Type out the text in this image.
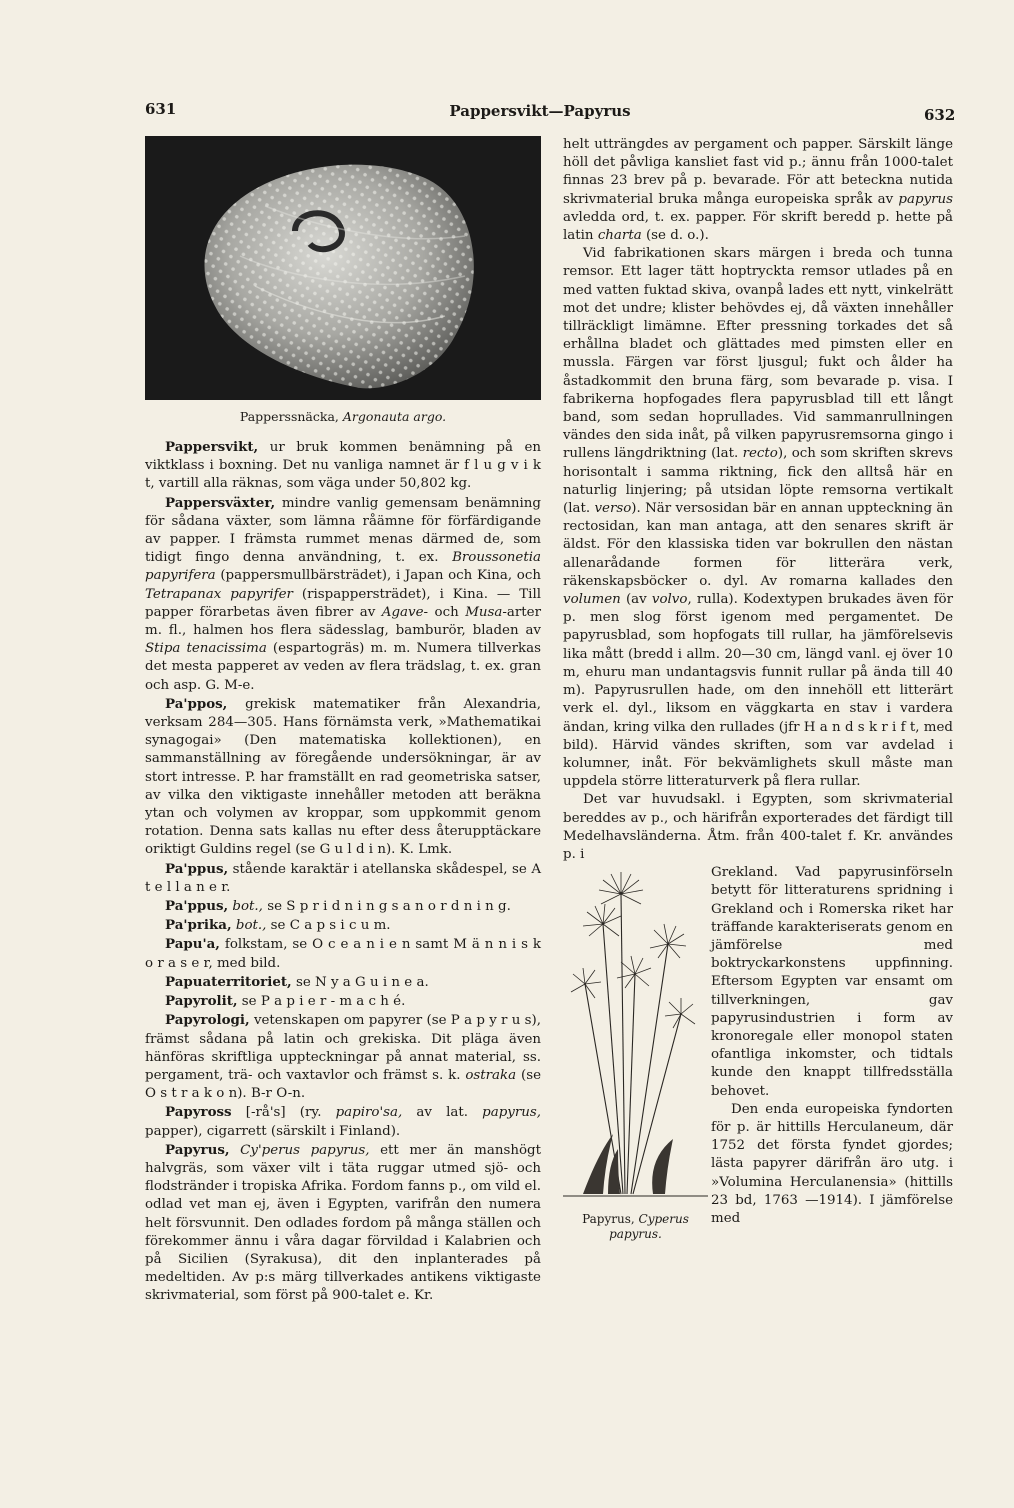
631	Pappersvikt—Papyrus	632
Papperssnäcka, Argonauta argo.

Pappersvikt, ur bruk kommen benämning på en viktklass i boxning. Det nu vanliga namnet är f l u g v i k t, vartill alla räknas, som väga under 50,802 kg.

Pappersväxter, mindre vanlig gemensam benämning för sådana växter, som lämna råämne för förfärdigande av papper. I främsta rummet menas därmed de, som tidigt fingo denna användning, t. ex. Broussonetia papyrifera (pappersmullbärsträdet), i Japan och Kina, och Tetrapanax papyrifer (rispappersträdet), i Kina. — Till papper förarbetas även fibrer av Agave- och Musa-arter m. fl., halmen hos flera sädesslag, bamburör, bladen av Stipa tenacissima (espartogräs) m. m. Numera tillverkas det mesta papperet av veden av flera trädslag, t. ex. gran och asp. G. M-e.

Pa'ppos, grekisk matematiker från Alexandria, verksam 284—305. Hans förnämsta verk, »Mathematikai synagogai» (Den matematiska kollektionen), en sammanställning av föregående undersökningar, är av stort intresse. P. har framställt en rad geometriska satser, av vilka den viktigaste innehåller metoden att beräkna ytan och volymen av kroppar, som uppkommit genom rotation. Denna sats kallas nu efter dess återupptäckare oriktigt Guldins regel (se G u l d i n). K. Lmk.

Pa'ppus, stående karaktär i atellanska skådespel, se A t e l l a n e r.

Pa'ppus, bot., se S p r i d n i n g s a n o r d n i n g.

Pa'prika, bot., se C a p s i c u m.

Papu'a, folkstam, se O c e a n i e n samt M ä n n i s k o r a s e r, med bild.

Papuaterritoriet, se N y a G u i n e a.

Papyrolit, se P a p i e r - m a c h é.

Papyrologi, vetenskapen om papyrer (se P a p y r u s), främst sådana på latin och grekiska. Dit pläga även hänföras skriftliga uppteckningar på annat material, ss. pergament, trä- och vaxtavlor och främst s. k. ostraka (se O s t r a k o n). B-r O-n.

Papyross [-rå's] (ry. papiro'sa, av lat. papyrus, papper), cigarrett (särskilt i Finland).

Papyrus, Cy'perus papyrus, ett mer än manshögt halvgräs, som växer vilt i täta ruggar utmed sjö- och flodstränder i tropiska Afrika. Fordom fanns p., om vild el. odlad vet man ej, även i Egypten, varifrån den numera helt försvunnit. Den odlades fordom på många ställen och förekommer ännu i våra dagar förvildad i Kalabrien och på Sicilien (Syrakusa), dit den inplanterades på medeltiden. Av p:s märg tillverkades antikens viktigaste skrivmaterial, som först på 900-talet e. Kr.

helt utträngdes av pergament och papper. Särskilt länge höll det påvliga kansliet fast vid p.; ännu från 1000-talet finnas 23 brev på p. bevarade. För att beteckna nutida skrivmaterial bruka många europeiska språk av papyrus avledda ord, t. ex. papper. För skrift beredd p. hette på latin charta (se d. o.).

Vid fabrikationen skars märgen i breda och tunna remsor. Ett lager tätt hoptryckta remsor utlades på en med vatten fuktad skiva, ovanpå lades ett nytt, vinkelrätt mot det undre; klister behövdes ej, då växten innehåller tillräckligt limämne. Efter pressning torkades det så erhållna bladet och glättades med pimsten eller en mussla. Färgen var först ljusgul; fukt och ålder ha åstadkommit den bruna färg, som bevarade p. visa. I fabrikerna hopfogades flera papyrusblad till ett långt band, som sedan hoprullades. Vid sammanrullningen vändes den sida inåt, på vilken papyrusremsorna gingo i rullens längdriktning (lat. recto), och som skriften skrevs horisontalt i samma riktning, fick den alltså här en naturlig linjering; på utsidan löpte remsorna vertikalt (lat. verso). När versosidan bär en annan uppteckning än rectosidan, kan man antaga, att den senares skrift är äldst. För den klassiska tiden var bokrullen den nästan allenarådande formen för litterära verk, räkenskapsböcker o. dyl. Av romarna kallades den volumen (av volvo, rulla). Kodextypen brukades även för p. men slog först igenom med pergamentet. De papyrusblad, som hopfogats till rullar, ha jämförelsevis lika mått (bredd i allm. 20—30 cm, längd vanl. ej över 10 m, ehuru man undantagsvis funnit rullar på ända till 40 m). Papyrusrullen hade, om den innehöll ett litterärt verk el. dyl., liksom en väggkarta en stav i vardera ändan, kring vilka den rullades (jfr H a n d s k r i f t, med bild). Härvid vändes skriften, som var avdelad i kolumner, inåt. För bekvämlighets skull måste man uppdela större litteraturverk på flera rullar.

Det var huvudsakl. i Egypten, som skrivmaterial bereddes av p., och härifrån exporterades det färdigt till Medelhavsländerna. Åtm. från 400-talet f. Kr. användes p. i

Papyrus, Cyperus
papyrus.

Grekland. Vad papyrusinförseln betytt för litteraturens spridning i Grekland och i Romerska riket har träffande karakteriserats genom en jämförelse med boktryckarkonstens uppfinning. Eftersom Egypten var ensamt om tillverkningen, gav papyrusindustrien i form av kronoregale eller monopol staten ofantliga inkomster, och tidtals kunde den knappt tillfredsställa behovet.

Den enda europeiska fyndorten för p. är hittills Herculaneum, där 1752 det första fyndet gjordes; lästa papyrer därifrån äro utg. i »Volumina Herculanensia» (hittills 23 bd, 1763 —1914). I jämförelse med
